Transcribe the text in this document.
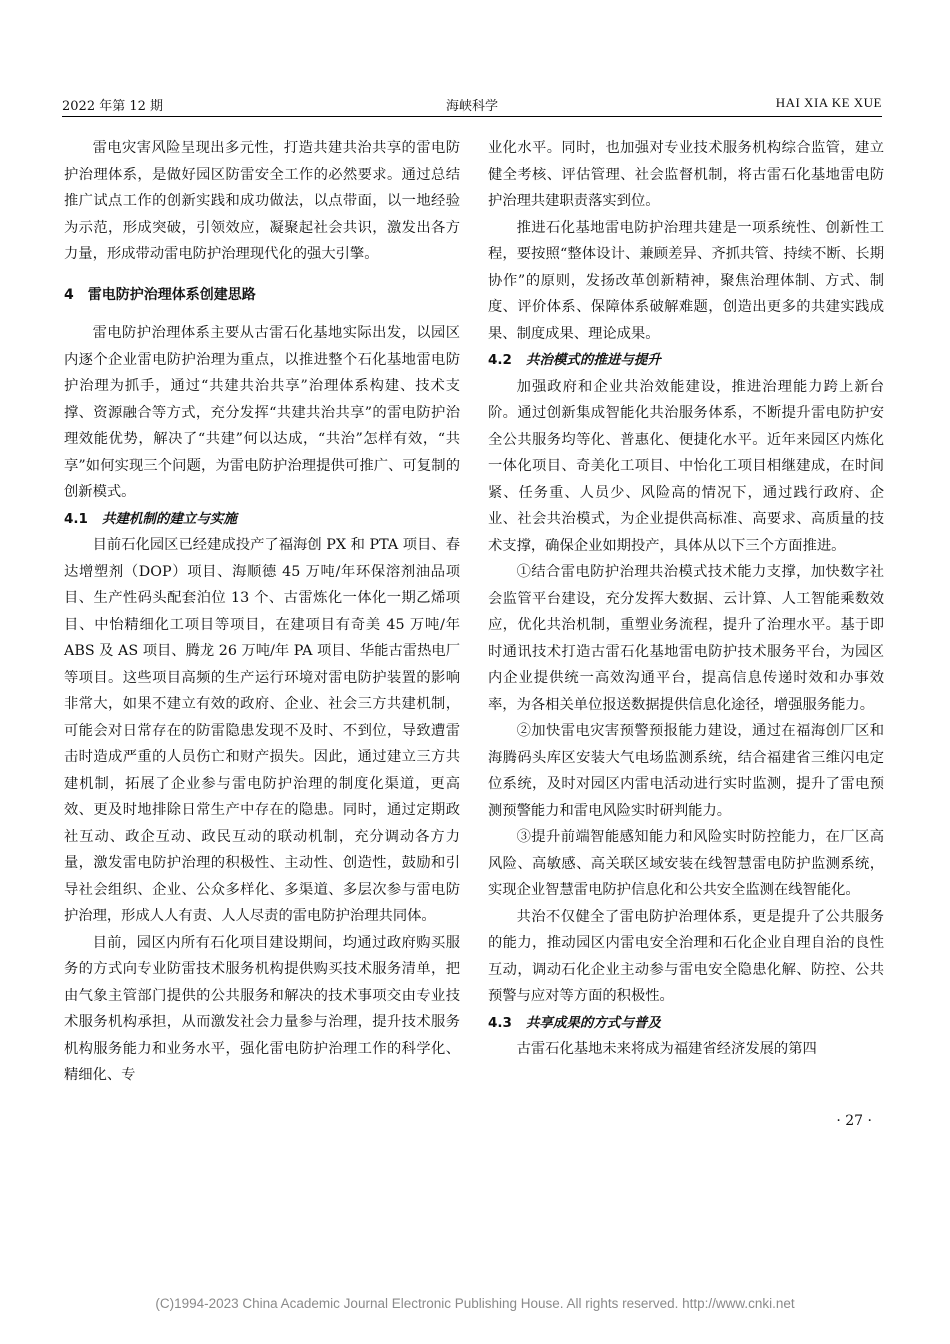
2022 年第 12 期	海峡科学	HAI XIA KE XUE

雷电灾害风险呈现出多元性，打造共建共治共享的雷电防护治理体系，是做好园区防雷安全工作的必然要求。通过总结推广试点工作的创新实践和成功做法，以点带面，以一地经验为示范，形成突破，引领效应，凝聚起社会共识，激发出各方力量，形成带动雷电防护治理现代化的强大引擎。

4 雷电防护治理体系创建思路

雷电防护治理体系主要从古雷石化基地实际出发，以园区内逐个企业雷电防护治理为重点，以推进整个石化基地雷电防护治理为抓手，通过“共建共治共享”治理体系构建、技术支撑、资源融合等方式，充分发挥“共建共治共享”的雷电防护治理效能优势，解决了“共建”何以达成，“共治”怎样有效，“共享”如何实现三个问题，为雷电防护治理提供可推广、可复制的创新模式。

4.1 共建机制的建立与实施

目前石化园区已经建成投产了福海创 PX 和 PTA 项目、春达增塑剂（DOP）项目、海顺德 45 万吨/年环保溶剂油品项目、生产性码头配套泊位 13 个、古雷炼化一体化一期乙烯项目、中怡精细化工项目等项目，在建项目有奇美 45 万吨/年 ABS 及 AS 项目、腾龙 26 万吨/年 PA 项目、华能古雷热电厂等项目。这些项目高频的生产运行环境对雷电防护装置的影响非常大，如果不建立有效的政府、企业、社会三方共建机制，可能会对日常存在的防雷隐患发现不及时、不到位，导致遭雷击时造成严重的人员伤亡和财产损失。因此，通过建立三方共建机制，拓展了企业参与雷电防护治理的制度化渠道，更高效、更及时地排除日常生产中存在的隐患。同时，通过定期政社互动、政企互动、政民互动的联动机制，充分调动各方力量，激发雷电防护治理的积极性、主动性、创造性，鼓励和引导社会组织、企业、公众多样化、多渠道、多层次参与雷电防护治理，形成人人有责、人人尽责的雷电防护治理共同体。

目前，园区内所有石化项目建设期间，均通过政府购买服务的方式向专业防雷技术服务机构提供购买技术服务清单，把由气象主管部门提供的公共服务和解决的技术事项交由专业技术服务机构承担，从而激发社会力量参与治理，提升技术服务机构服务能力和业务水平，强化雷电防护治理工作的科学化、精细化、专

业化水平。同时，也加强对专业技术服务机构综合监管，建立健全考核、评估管理、社会监督机制，将古雷石化基地雷电防护治理共建职责落实到位。

推进石化基地雷电防护治理共建是一项系统性、创新性工程，要按照“整体设计、兼顾差异、齐抓共管、持续不断、长期协作”的原则，发扬改革创新精神，聚焦治理体制、方式、制度、评价体系、保障体系破解难题，创造出更多的共建实践成果、制度成果、理论成果。

4.2 共治模式的推进与提升

加强政府和企业共治效能建设，推进治理能力跨上新台阶。通过创新集成智能化共治服务体系，不断提升雷电防护安全公共服务均等化、普惠化、便捷化水平。近年来园区内炼化一体化项目、奇美化工项目、中怡化工项目相继建成，在时间紧、任务重、人员少、风险高的情况下，通过践行政府、企业、社会共治模式，为企业提供高标准、高要求、高质量的技术支撑，确保企业如期投产，具体从以下三个方面推进。

①结合雷电防护治理共治模式技术能力支撑，加快数字社会监管平台建设，充分发挥大数据、云计算、人工智能乘数效应，优化共治机制，重塑业务流程，提升了治理水平。基于即时通讯技术打造古雷石化基地雷电防护技术服务平台，为园区内企业提供统一高效沟通平台，提高信息传递时效和办事效率，为各相关单位报送数据提供信息化途径，增强服务能力。

②加快雷电灾害预警预报能力建设，通过在福海创厂区和海腾码头库区安装大气电场监测系统，结合福建省三维闪电定位系统，及时对园区内雷电活动进行实时监测，提升了雷电预测预警能力和雷电风险实时研判能力。

③提升前端智能感知能力和风险实时防控能力，在厂区高风险、高敏感、高关联区域安装在线智慧雷电防护监测系统，实现企业智慧雷电防护信息化和公共安全监测在线智能化。

共治不仅健全了雷电防护治理体系，更是提升了公共服务的能力，推动园区内雷电安全治理和石化企业自理自治的良性互动，调动石化企业主动参与雷电安全隐患化解、防控、公共预警与应对等方面的积极性。

4.3 共享成果的方式与普及

古雷石化基地未来将成为福建省经济发展的第四

· 27 ·
(C)1994-2023 China Academic Journal Electronic Publishing House. All rights reserved. http://www.cnki.net
